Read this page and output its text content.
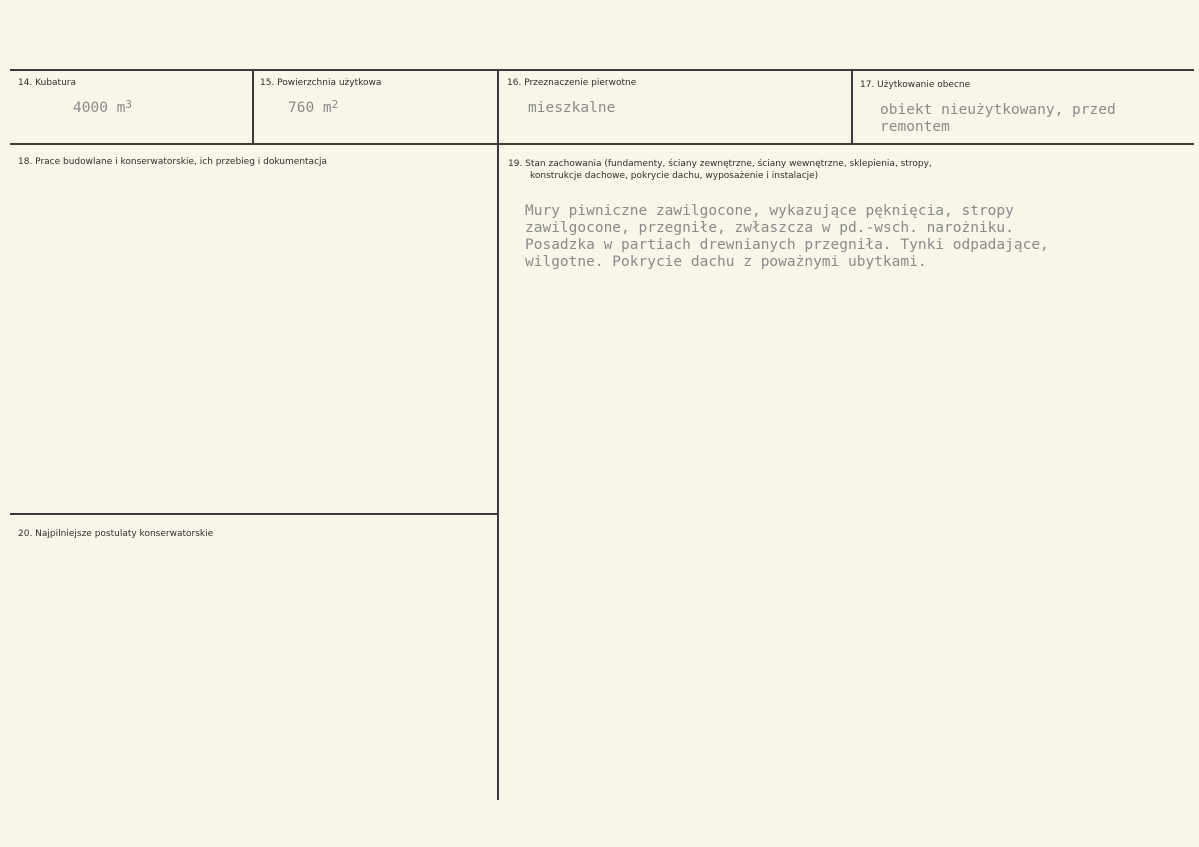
14. Kubatura
4000 $m^3$
15. Powierzchnia użytkowa
760 $m^2$
16. Przeznaczenie pierwotne
mieszkalne
17. Użytkowanie obecne
obiekt nieużytkowany, przed
remontem
18. Prace budowlane i konserwatorskie, ich przebieg i dokumentacja	19. Stan zachowania (fundamenty, ściany zewnętrzne, ściany wewnętrzne, sklepienia, stropy,
konstrukcje dachowe, pokrycie dachu, wyposażenie i instalacje)
Mury piwniczne zawilgocone, wykazujące pęknięcia, stropy
zawilgocone, przegniłe, zwłaszcza w pd.-wsch. narożniku.
Posadzka w partiach drewnianych przegniła. Tynki odpadające,
wilgotne. Pokrycie dachu z poważnymi ubytkami.
20. Najpilniejsze postulaty konserwatorskie
